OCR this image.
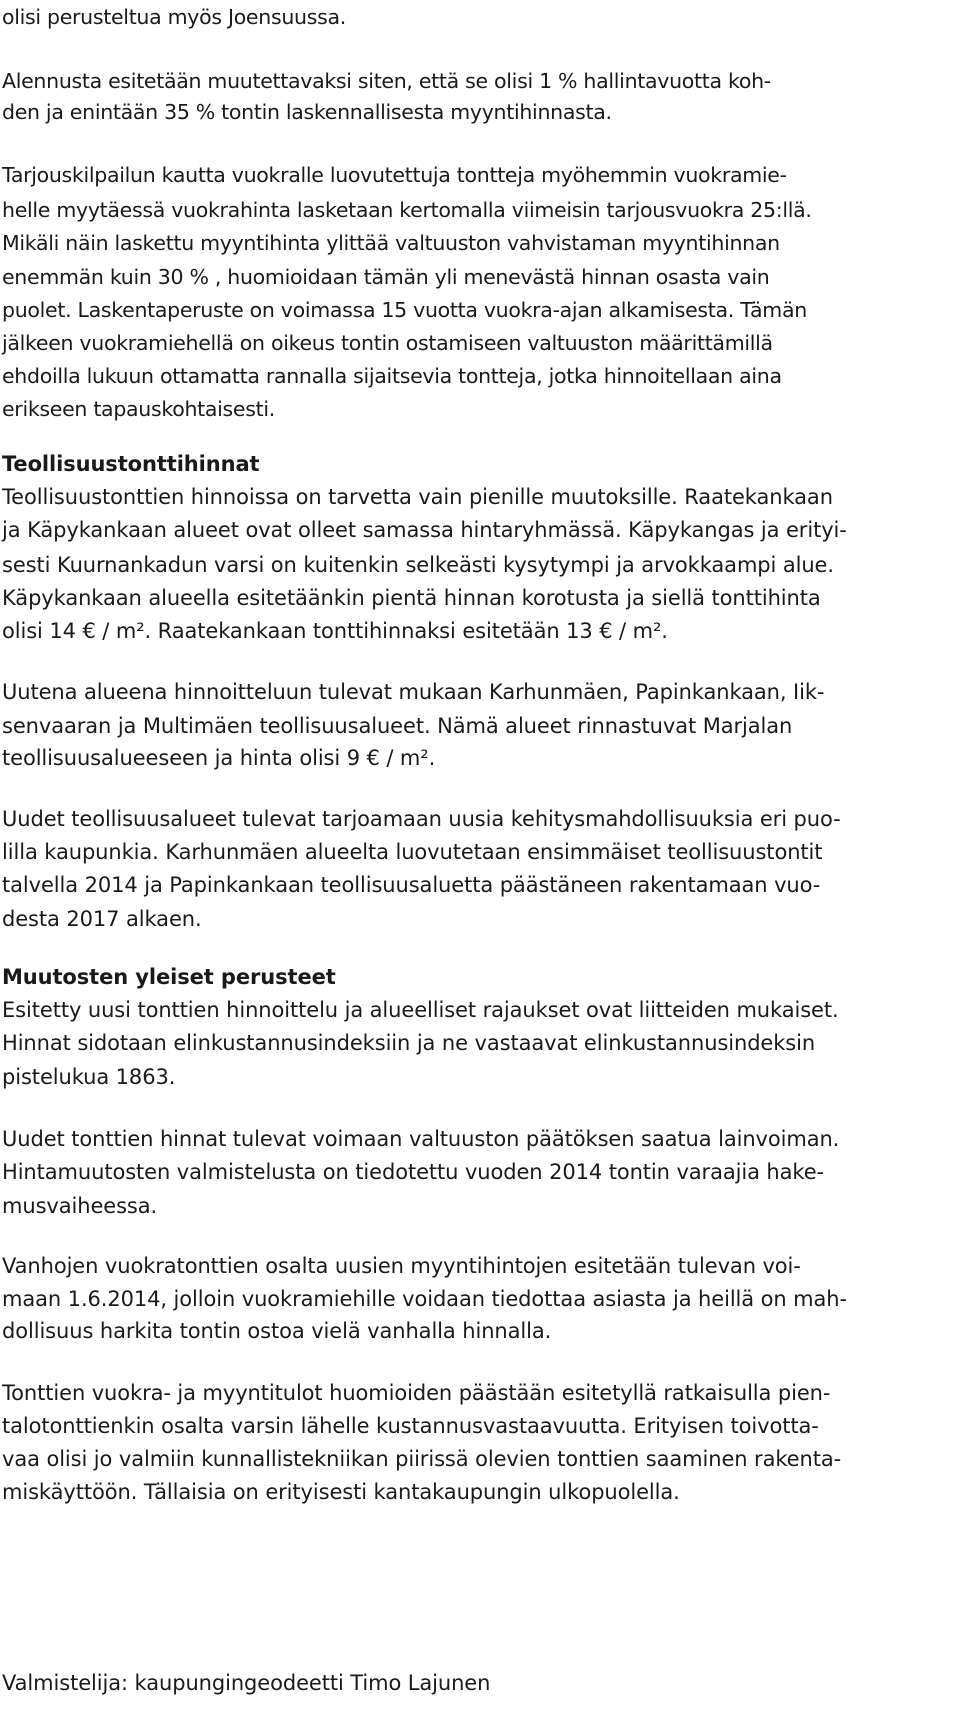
olisi perusteltua myös Joensuussa.
Alennusta esitetään muutettavaksi siten, että se olisi 1 % hallintavuotta koh-
den ja enintään 35 % tontin laskennallisesta myyntihinnasta.
Tarjouskilpailun kautta vuokralle luovutettuja tontteja myöhemmin vuokramie-
helle myytäessä vuokrahinta lasketaan kertomalla viimeisin tarjousvuokra 25:llä.
Mikäli näin laskettu myyntihinta ylittää valtuuston vahvistaman myyntihinnan
enemmän kuin 30 % , huomioidaan tämän yli menevästä hinnan osasta vain
puolet. Laskentaperuste on voimassa 15 vuotta vuokra-ajan alkamisesta. Tämän
jälkeen vuokramiehellä on oikeus tontin ostamiseen valtuuston määrittämillä
ehdoilla lukuun ottamatta rannalla sijaitsevia tontteja, jotka hinnoitellaan aina
erikseen tapauskohtaisesti.
Teollisuustonttihinnat
Teollisuustonttien hinnoissa on tarvetta vain pienille muutoksille. Raatekankaan
ja Käpykankaan alueet ovat olleet samassa hintaryhmässä. Käpykangas ja erityi-
sesti Kuurnankadun varsi on kuitenkin selkeästi kysytympi ja arvokkaampi alue.
Käpykankaan alueella esitetäänkin pientä hinnan korotusta ja siellä tonttihinta
olisi 14 € / m². Raatekankaan tonttihinnaksi esitetään 13 € / m².
Uutena alueena hinnoitteluun tulevat mukaan Karhunmäen, Papinkankaan, Iik-
senvaaran ja Multimäen teollisuusalueet. Nämä alueet rinnastuvat Marjalan
teollisuusalueeseen ja hinta olisi 9 € / m².
Uudet teollisuusalueet tulevat tarjoamaan uusia kehitysmahdollisuuksia eri puo-
lilla kaupunkia. Karhunmäen alueelta luovutetaan ensimmäiset teollisuustontit
talvella 2014 ja Papinkankaan teollisuusaluetta päästäneen rakentamaan vuo-
desta 2017 alkaen.
Muutosten yleiset perusteet
Esitetty uusi tonttien hinnoittelu ja alueelliset rajaukset ovat liitteiden mukaiset.
Hinnat sidotaan elinkustannusindeksiin ja ne vastaavat elinkustannusindeksin
pistelukua 1863.
Uudet tonttien hinnat tulevat voimaan valtuuston päätöksen saatua lainvoiman.
Hintamuutosten valmistelusta on tiedotettu vuoden 2014 tontin varaajia hake-
musvaiheessa.
Vanhojen vuokratonttien osalta uusien myyntihintojen esitetään tulevan voi-
maan 1.6.2014, jolloin vuokramiehille voidaan tiedottaa asiasta ja heillä on mah-
dollisuus harkita tontin ostoa vielä vanhalla hinnalla.
Tonttien vuokra- ja myyntitulot huomioiden päästään esitetyllä ratkaisulla pien-
talotonttienkin osalta varsin lähelle kustannusvastaavuutta. Erityisen toivotta-
vaa olisi jo valmiin kunnallistekniikan piirissä olevien tonttien saaminen rakenta-
miskäyttöön. Tällaisia on erityisesti kantakaupungin ulkopuolella.
Valmistelija: kaupungingeodeetti Timo Lajunen
